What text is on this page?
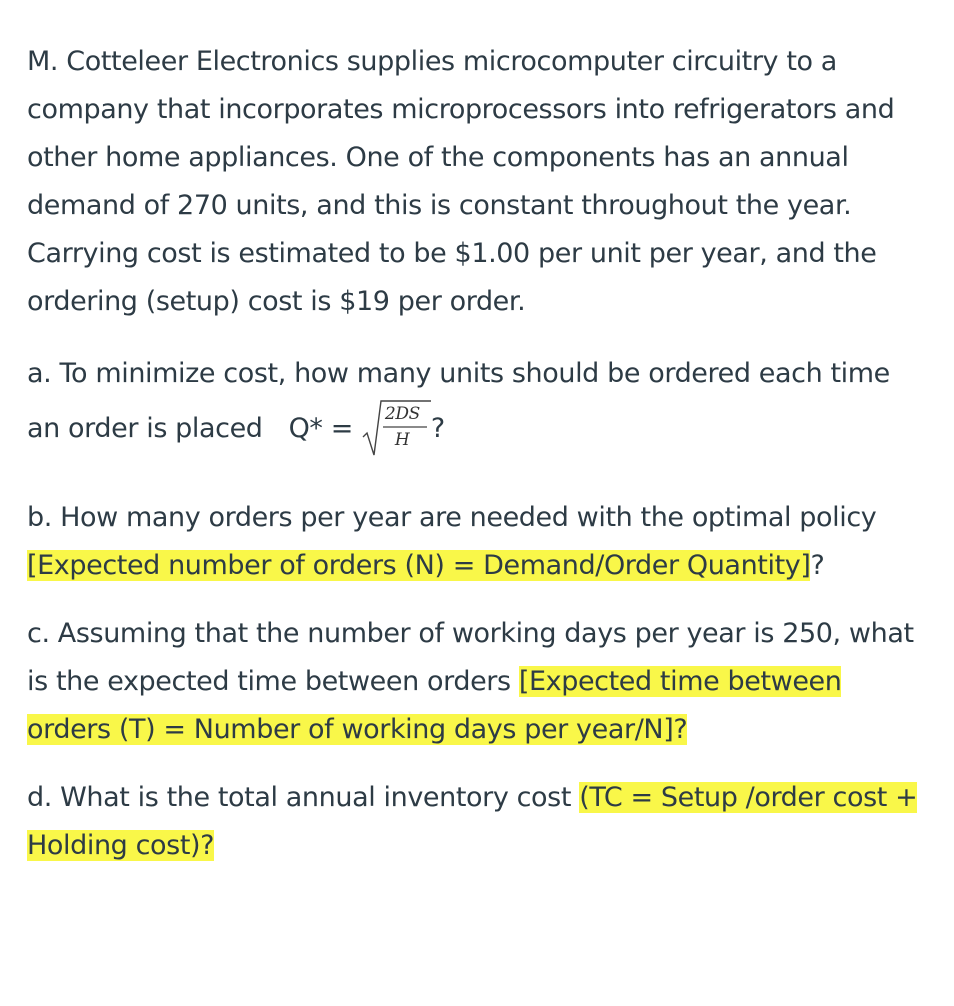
M. Cotteleer Electronics supplies microcomputer circuitry to a company that incorporates microprocessors into refrigerators and other home appliances. One of the components has an annual demand of 270 units, and this is constant throughout the year. Carrying cost is estimated to be $1.00 per unit per year, and the ordering (setup) cost is $19 per order.

a. To minimize cost, how many units should be ordered each time

an order is placed Q* = 2DS
H ?

b. How many orders per year are needed with the optimal policy
[Expected number of orders (N) = Demand/Order Quantity]?

c. Assuming that the number of working days per year is 250, what is the expected time between orders [Expected time between orders (T) = Number of working days per year/N]?

d. What is the total annual inventory cost (TC = Setup /order cost + Holding cost)?
